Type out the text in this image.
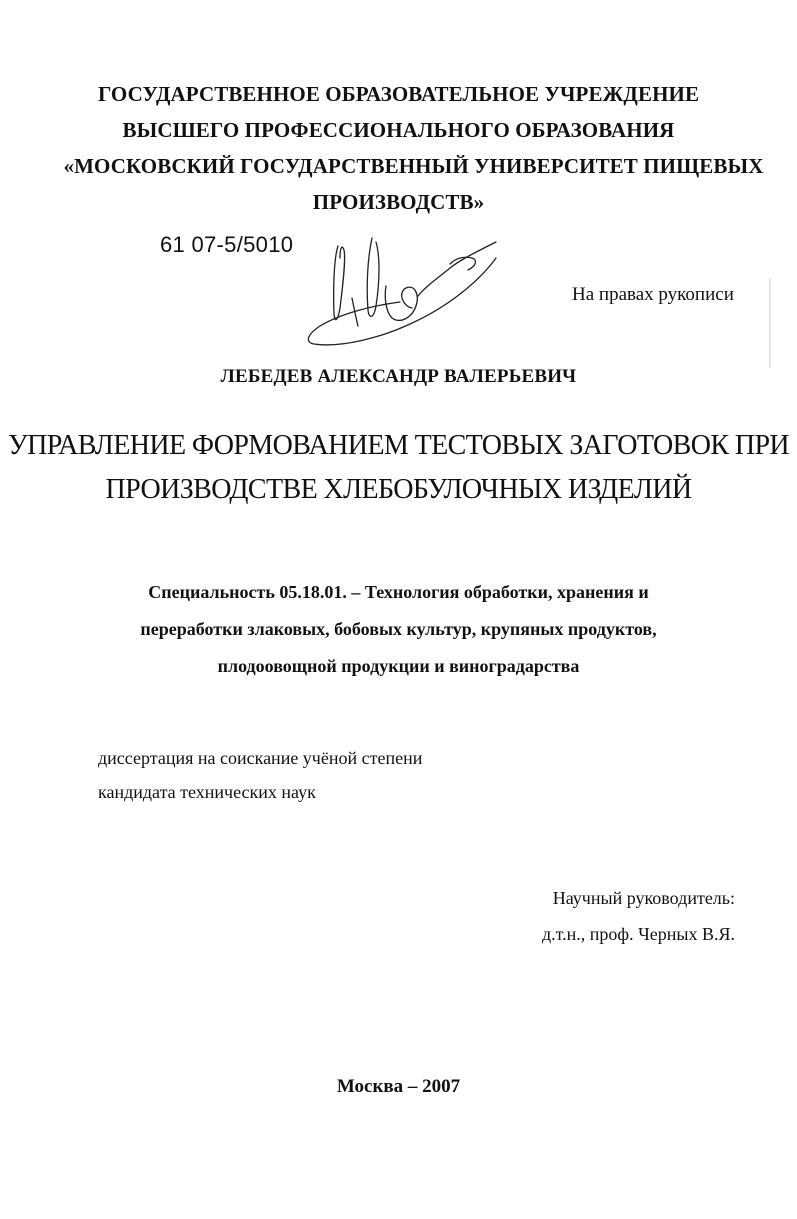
ГОСУДАРСТВЕННОЕ ОБРАЗОВАТЕЛЬНОЕ УЧРЕЖДЕНИЕ
ВЫСШЕГО ПРОФЕССИОНАЛЬНОГО ОБРАЗОВАНИЯ
«МОСКОВСКИЙ ГОСУДАРСТВЕННЫЙ УНИВЕРСИТЕТ ПИЩЕВЫХ
ПРОИЗВОДСТВ»
61 07-5/5010
На правах рукописи
ЛЕБЕДЕВ АЛЕКСАНДР ВАЛЕРЬЕВИЧ
УПРАВЛЕНИЕ ФОРМОВАНИЕМ ТЕСТОВЫХ ЗАГОТОВОК ПРИ
ПРОИЗВОДСТВЕ ХЛЕБОБУЛОЧНЫХ ИЗДЕЛИЙ
Специальность 05.18.01. – Технология обработки, хранения и
переработки злаковых, бобовых культур, крупяных продуктов,
плодоовощной продукции и виноградарства
диссертация на соискание учёной степени
кандидата технических наук
Научный руководитель:
д.т.н., проф. Черных В.Я.
Москва – 2007
